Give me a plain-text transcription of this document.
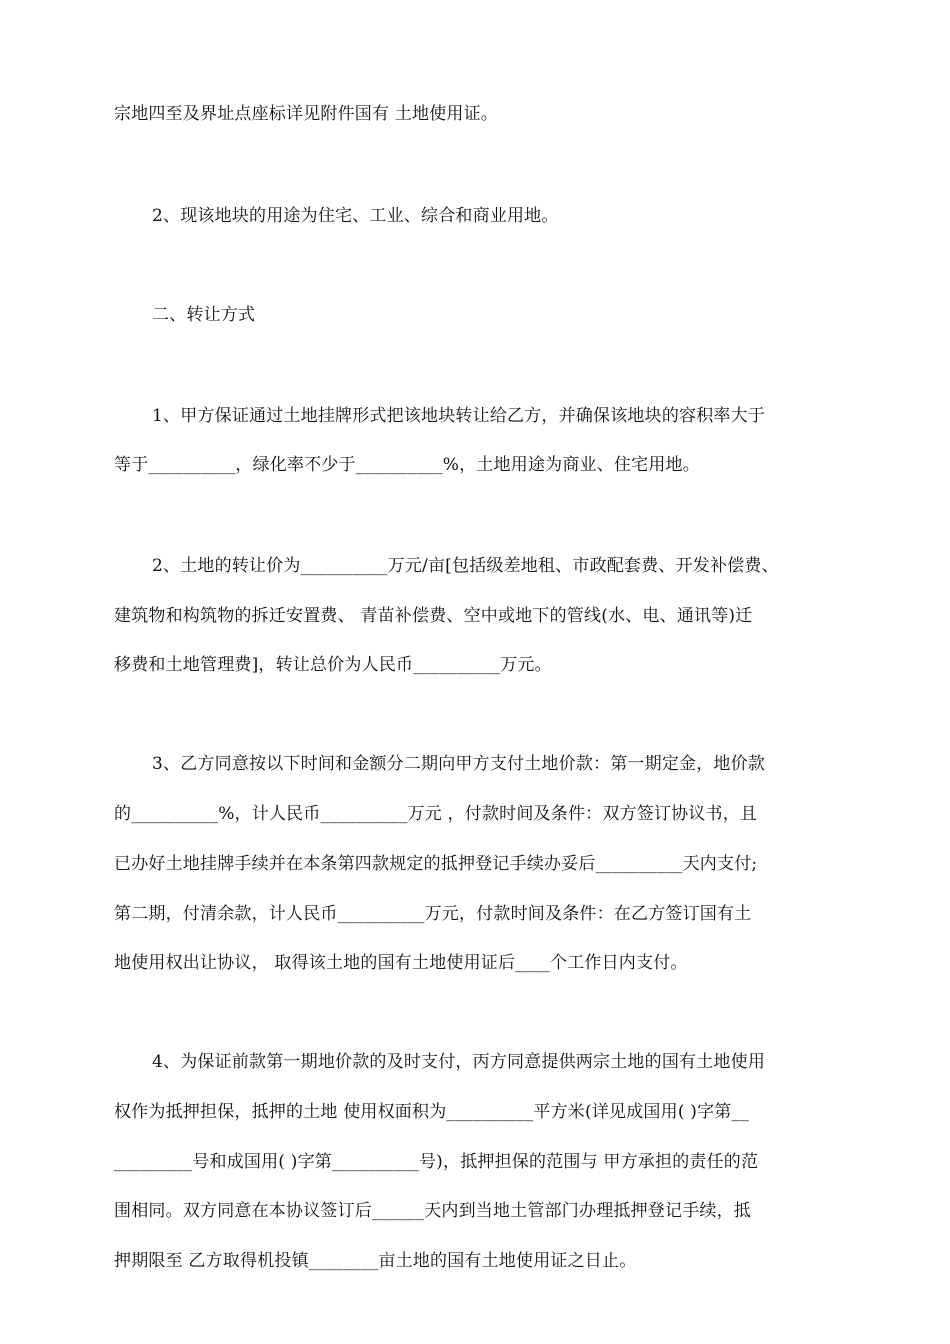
宗地四至及界址点座标详见附件国有 土地使用证。
2、现该地块的用途为住宅、工业、综合和商业用地。
二、转让方式
1、甲方保证通过土地挂牌形式把该地块转让给乙方，并确保该地块的容积率大于
等于__________，绿化率不少于__________%，土地用途为商业、住宅用地。
2、土地的转让价为__________万元/亩[包括级差地租、市政配套费、开发补偿费、
建筑物和构筑物的拆迁安置费、 青苗补偿费、空中或地下的管线(水、电、通讯等)迁
移费和土地管理费]，转让总价为人民币__________万元。
3、乙方同意按以下时间和金额分二期向甲方支付土地价款：第一期定金，地价款
的__________%，计人民币__________万元 ，付款时间及条件：双方签订协议书，且
已办好土地挂牌手续并在本条第四款规定的抵押登记手续办妥后__________天内支付;
第二期，付清余款，计人民币__________万元，付款时间及条件：在乙方签订国有土
地使用权出让协议， 取得该土地的国有土地使用证后____个工作日内支付。
4、为保证前款第一期地价款的及时支付，丙方同意提供两宗土地的国有土地使用
权作为抵押担保，抵押的土地 使用权面积为__________平方米(详见成国用( )字第__
_________号和成国用( )字第__________号)，抵押担保的范围与 甲方承担的责任的范
围相同。双方同意在本协议签订后______天内到当地土管部门办理抵押登记手续，抵
押期限至 乙方取得机投镇________亩土地的国有土地使用证之日止。
